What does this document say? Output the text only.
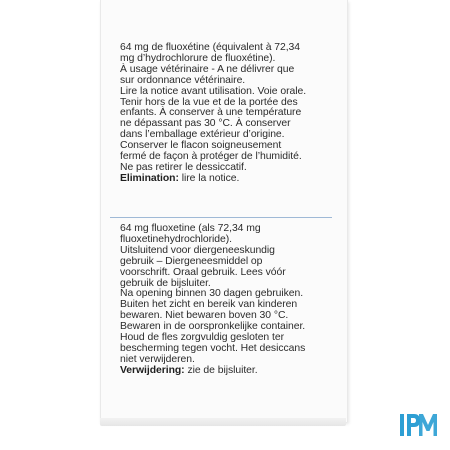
64 mg de fluoxétine (équivalent à 72,34
mg d’hydrochlorure de fluoxétine).
À usage vétérinaire - A ne délivrer que
sur ordonnance vétérinaire.
Lire la notice avant utilisation. Voie orale.
Tenir hors de la vue et de la portée des
enfants. À conserver à une température
ne dépassant pas 30 °C. À conserver
dans l’emballage extérieur d’origine.
Conserver le flacon soigneusement
fermé de façon à protéger de l’humidité.
Ne pas retirer le dessiccatif.
Elimination: lire la notice.
64 mg fluoxetine (als 72,34 mg
fluoxetinehydrochloride).
Uitsluitend voor diergeneeskundig
gebruik – Diergeneesmiddel op
voorschrift. Oraal gebruik. Lees vóór
gebruik de bijsluiter.
Na opening binnen 30 dagen gebruiken.
Buiten het zicht en bereik van kinderen
bewaren. Niet bewaren boven 30 °C.
Bewaren in de oorspronkelijke container.
Houd de fles zorgvuldig gesloten ter
bescherming tegen vocht. Het desiccans
niet verwijderen.
Verwijdering: zie de bijsluiter.
